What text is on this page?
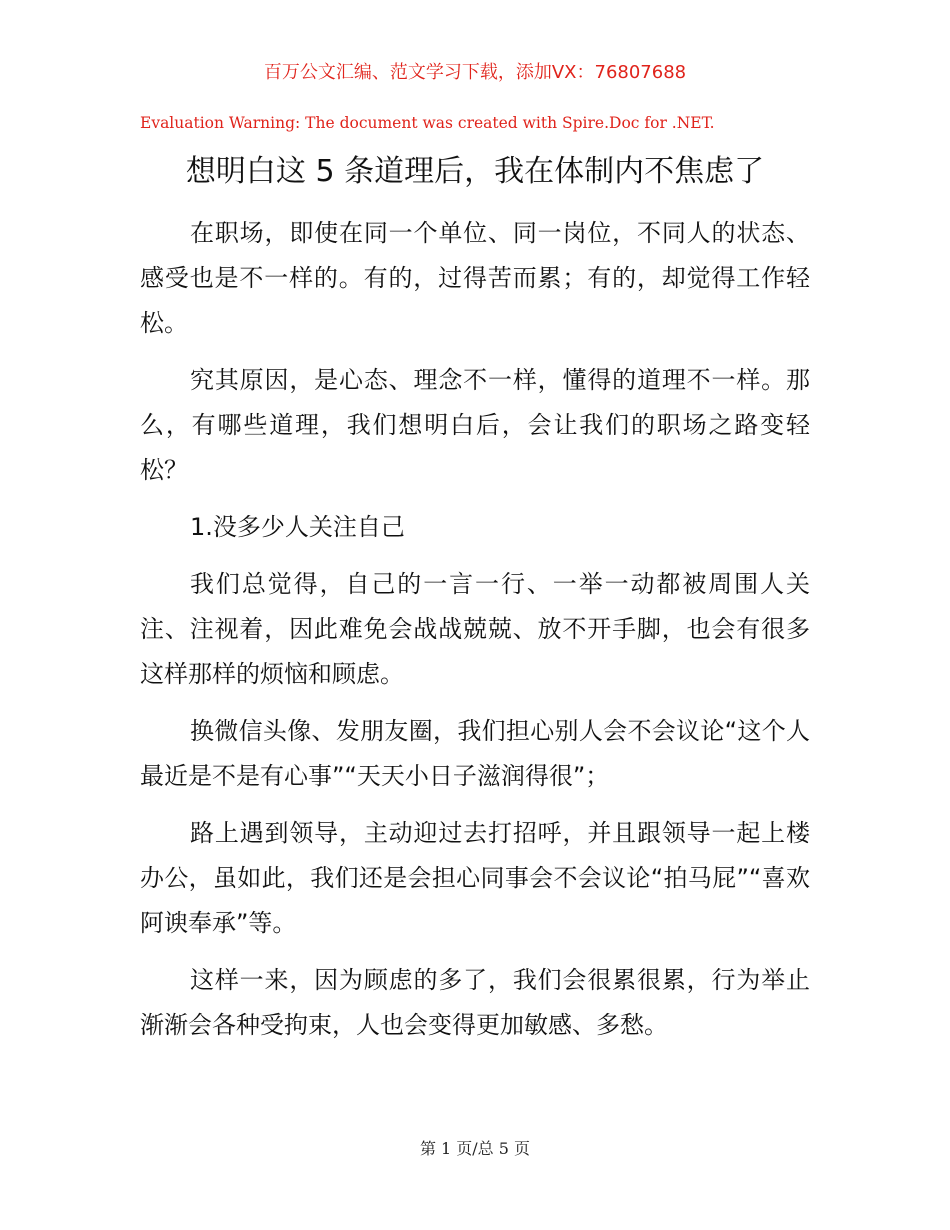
百万公文汇编、范文学习下载，添加VX：76807688
Evaluation Warning: The document was created with Spire.Doc for .NET.
想明白这 5 条道理后，我在体制内不焦虑了

在职场，即使在同一个单位、同一岗位，不同人的状态、感受也是不一样的。有的，过得苦而累；有的，却觉得工作轻松。

究其原因，是心态、理念不一样，懂得的道理不一样。那么，有哪些道理，我们想明白后，会让我们的职场之路变轻松？

1.没多少人关注自己

我们总觉得，自己的一言一行、一举一动都被周围人关注、注视着，因此难免会战战兢兢、放不开手脚，也会有很多这样那样的烦恼和顾虑。

换微信头像、发朋友圈，我们担心别人会不会议论“这个人最近是不是有心事”“天天小日子滋润得很”；

路上遇到领导，主动迎过去打招呼，并且跟领导一起上楼办公，虽如此，我们还是会担心同事会不会议论“拍马屁”“喜欢阿谀奉承”等。

这样一来，因为顾虑的多了，我们会很累很累，行为举止渐渐会各种受拘束，人也会变得更加敏感、多愁。

第 1 页/总 5 页
